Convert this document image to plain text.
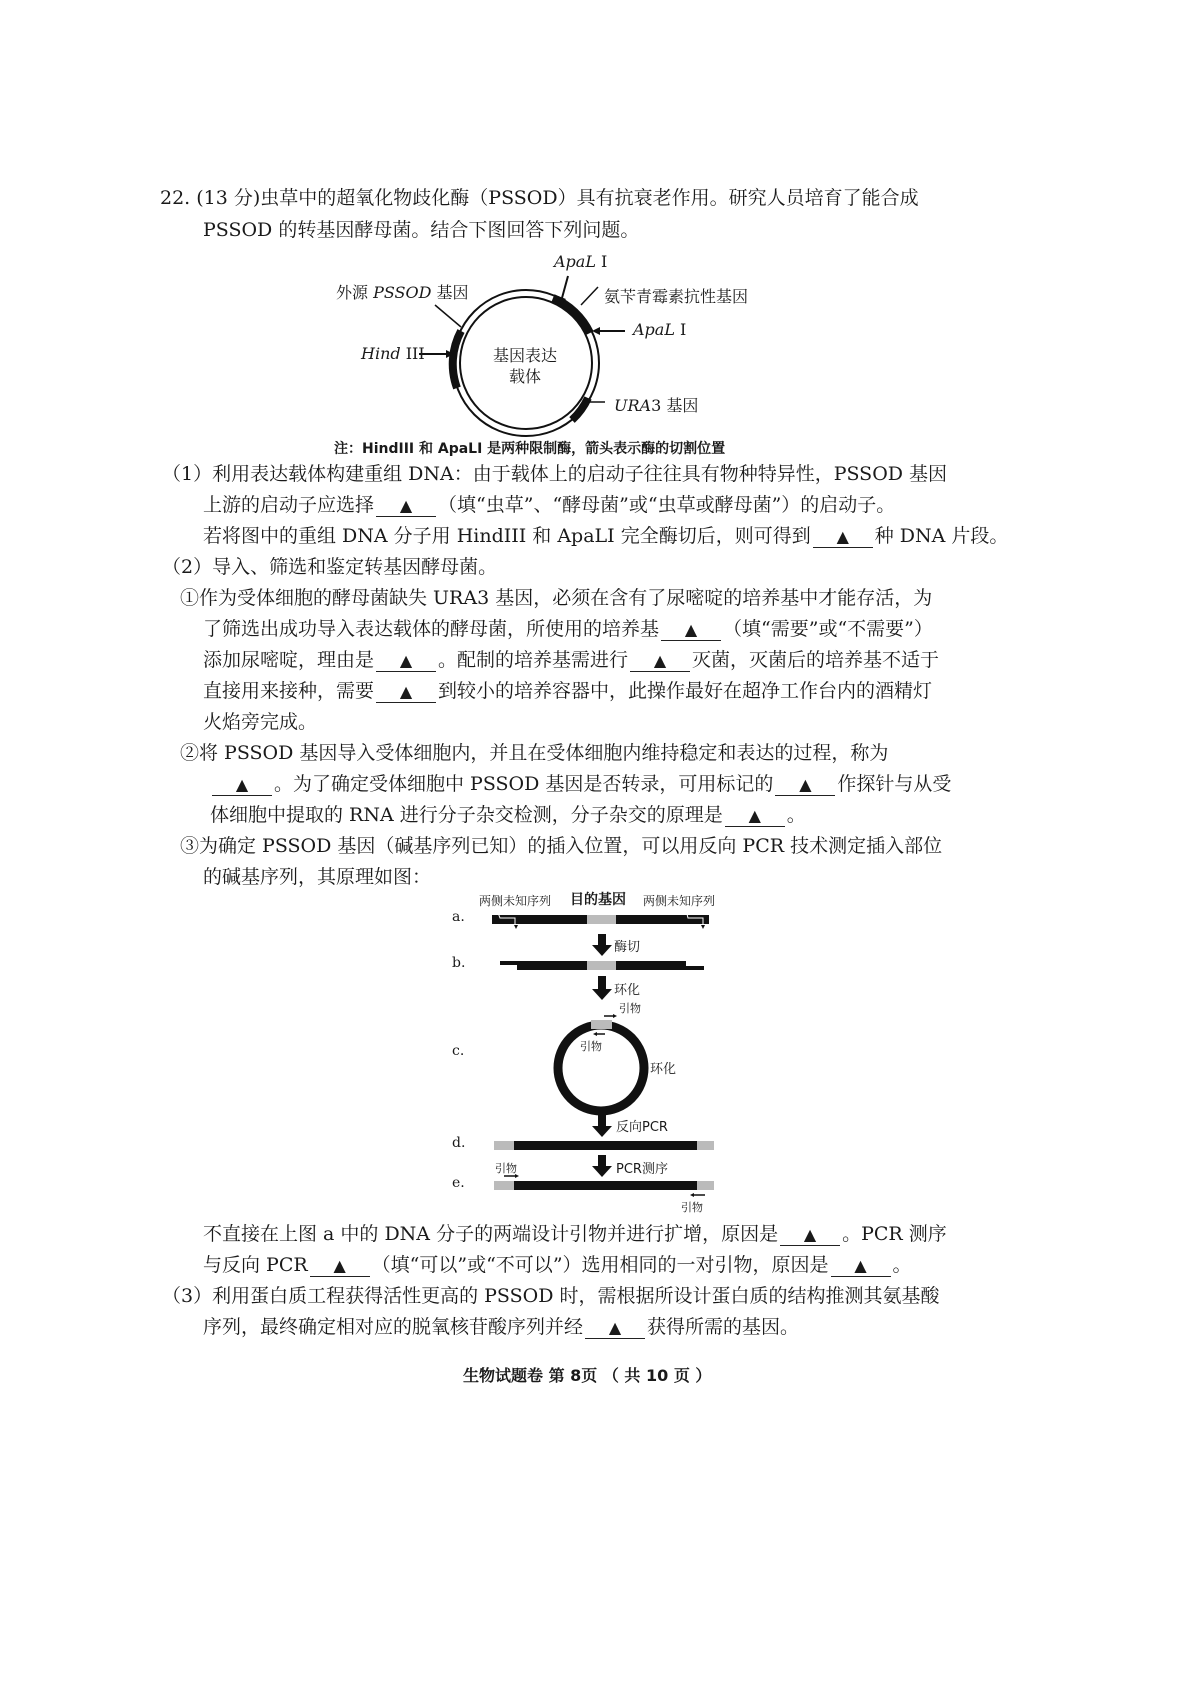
22. (13 分)虫草中的超氧化物歧化酶（PSSOD）具有抗衰老作用。研究人员培育了能合成
PSSOD 的转基因酵母菌。结合下图回答下列问题。
基因表达
载体
外源 PSSOD 基因
ApaL I
氨苄青霉素抗性基因
ApaL I
Hind III
URA3 基因
注：HindIII 和 ApaLI 是两种限制酶，箭头表示酶的切割位置
（1）利用表达载体构建重组 DNA：由于载体上的启动子往往具有物种特异性，PSSOD 基因
上游的启动子应选择 ▲ （填“虫草”、“酵母菌”或“虫草或酵母菌”）的启动子。
若将图中的重组 DNA 分子用 HindIII 和 ApaLI 完全酶切后，则可得到 ▲ 种 DNA 片段。
（2）导入、筛选和鉴定转基因酵母菌。
①作为受体细胞的酵母菌缺失 URA3 基因，必须在含有了尿嘧啶的培养基中才能存活，为
了筛选出成功导入表达载体的酵母菌，所使用的培养基 ▲ （填“需要”或“不需要”）
添加尿嘧啶，理由是 ▲ 。配制的培养基需进行 ▲ 灭菌，灭菌后的培养基不适于
直接用来接种，需要 ▲ 到较小的培养容器中，此操作最好在超净工作台内的酒精灯
火焰旁完成。
②将 PSSOD 基因导入受体细胞内，并且在受体细胞内维持稳定和表达的过程，称为
▲ 。为了确定受体细胞中 PSSOD 基因是否转录，可用标记的 ▲ 作探针与从受
体细胞中提取的 RNA 进行分子杂交检测，分子杂交的原理是 ▲ 。
③为确定 PSSOD 基因（碱基序列已知）的插入位置，可以用反向 PCR 技术测定插入部位
的碱基序列，其原理如图：
两侧未知序列 目的基因 两侧未知序列
a.
b.
c.
d.
e.
酶切
环化
引物
引物
环化
反向PCR
PCR测序
引物
引物
不直接在上图 a 中的 DNA 分子的两端设计引物并进行扩增，原因是 ▲ 。PCR 测序
与反向 PCR ▲ （填“可以”或“不可以”）选用相同的一对引物，原因是 ▲ 。
（3）利用蛋白质工程获得活性更高的 PSSOD 时，需根据所设计蛋白质的结构推测其氨基酸
序列，最终确定相对应的脱氧核苷酸序列并经 ▲ 获得所需的基因。
生物试题卷 第 8页 （ 共 10 页 ）
